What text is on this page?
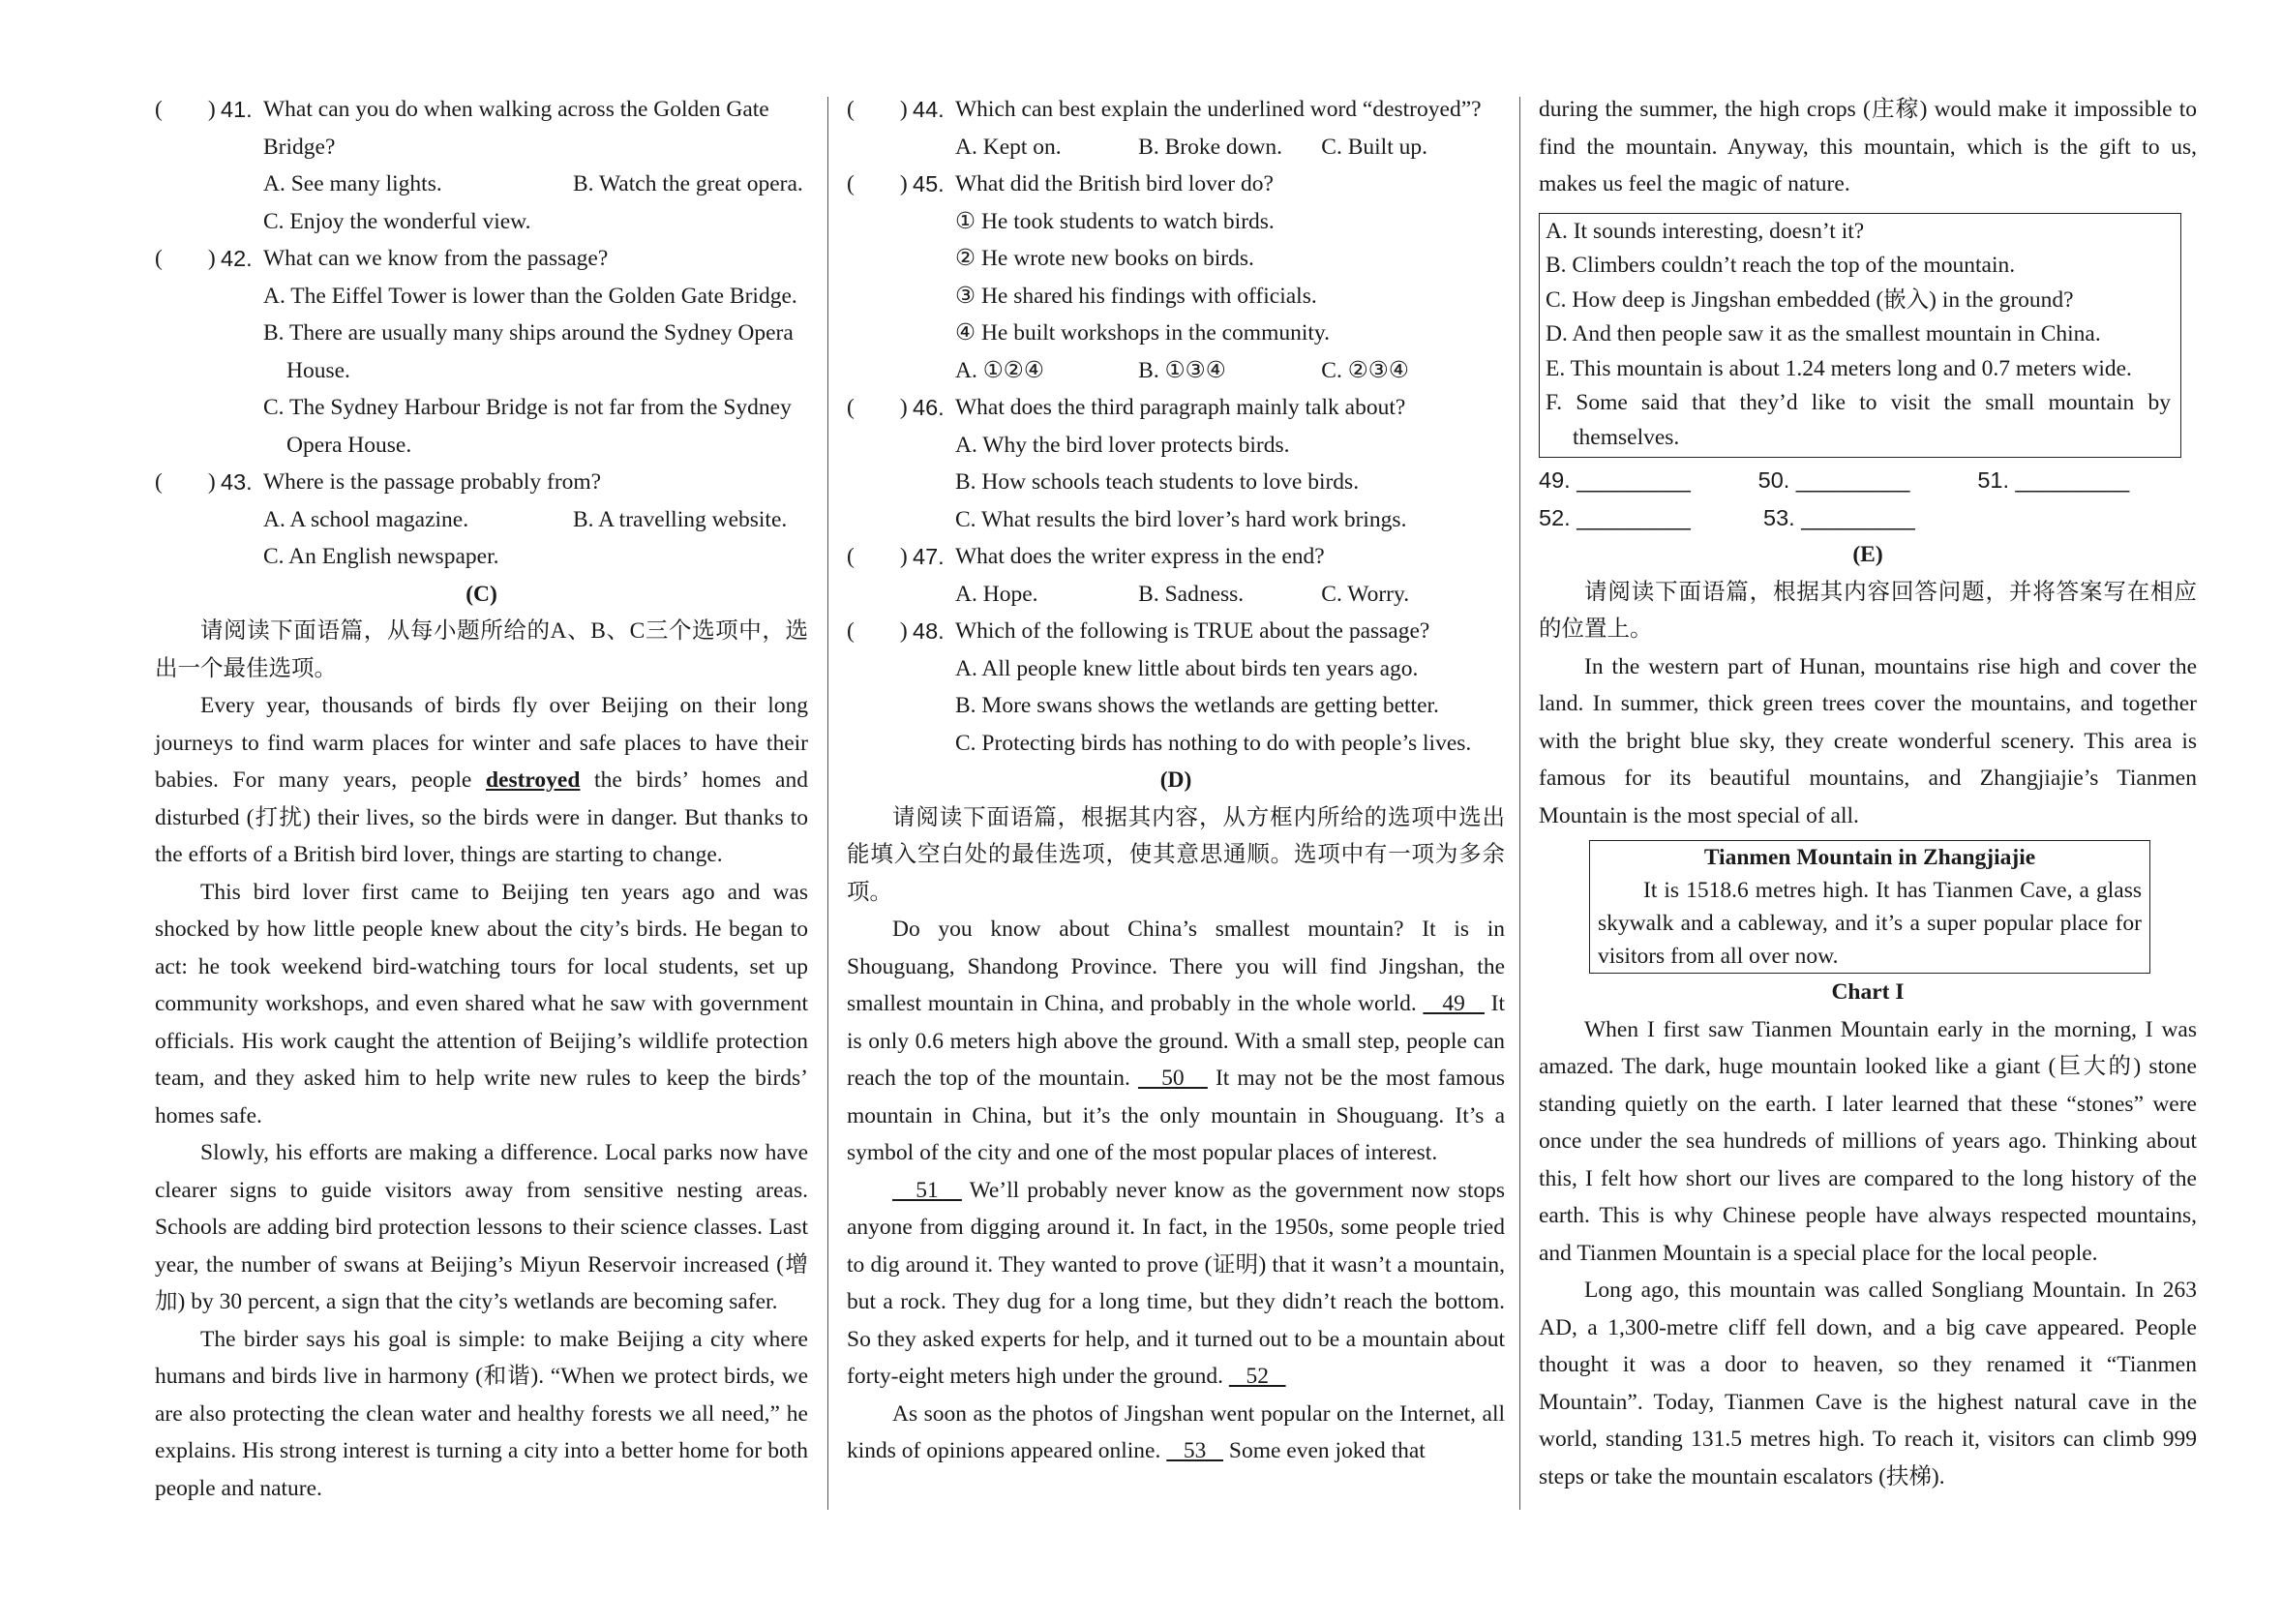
(        ) 41. What can you do when walking across the Golden Gate Bridge?
A. See many lights.	B. Watch the great opera.
C. Enjoy the wonderful view.
(        ) 42. What can we know from the passage?
A. The Eiffel Tower is lower than the Golden Gate Bridge.
B. There are usually many ships around the Sydney Opera House.
C. The Sydney Harbour Bridge is not far from the Sydney Opera House.
(        ) 43. Where is the passage probably from?
A. A school magazine.	B. A travelling website.
C. An English newspaper.
(C)

请阅读下面语篇，从每小题所给的A、B、C三个选项中，选出一个最佳选项。

Every year, thousands of birds fly over Beijing on their long journeys to find warm places for winter and safe places to have their babies. For many years, people destroyed the birds’ homes and disturbed (打扰) their lives, so the birds were in danger. But thanks to the efforts of a British bird lover, things are starting to change.

This bird lover first came to Beijing ten years ago and was shocked by how little people knew about the city’s birds. He began to act: he took weekend bird-watching tours for local students, set up community workshops, and even shared what he saw with government officials. His work caught the attention of Beijing’s wildlife protection team, and they asked him to help write new rules to keep the birds’ homes safe.

Slowly, his efforts are making a difference. Local parks now have clearer signs to guide visitors away from sensitive nesting areas. Schools are adding bird protection lessons to their science classes. Last year, the number of swans at Beijing’s Miyun Reservoir increased (增加) by 30 percent, a sign that the city’s wetlands are becoming safer.

The birder says his goal is simple: to make Beijing a city where humans and birds live in harmony (和谐). “When we protect birds, we are also protecting the clean water and healthy forests we all need,” he explains. His strong interest is turning a city into a better home for both people and nature.

(        ) 44. Which can best explain the underlined word “destroyed”?
A. Kept on.	B. Broke down.	C. Built up.
(        ) 45. What did the British bird lover do?
① He took students to watch birds.
② He wrote new books on birds.
③ He shared his findings with officials.
④ He built workshops in the community.
A. ①②④	B. ①③④	C. ②③④
(        ) 46. What does the third paragraph mainly talk about?
A. Why the bird lover protects birds.
B. How schools teach students to love birds.
C. What results the bird lover’s hard work brings.
(        ) 47. What does the writer express in the end?
A. Hope.	B. Sadness.	C. Worry.
(        ) 48. Which of the following is TRUE about the passage?
A. All people knew little about birds ten years ago.
B. More swans shows the wetlands are getting better.
C. Protecting birds has nothing to do with people’s lives.
(D)

请阅读下面语篇，根据其内容，从方框内所给的选项中选出能填入空白处的最佳选项，使其意思通顺。选项中有一项为多余项。

Do you know about China’s smallest mountain? It is in Shouguang, Shandong Province. There you will find Jingshan, the smallest mountain in China, and probably in the whole world.    49    It is only 0.6 meters high above the ground. With a small step, people can reach the top of the mountain.    50    It may not be the most famous mountain in China, but it’s the only mountain in Shouguang. It’s a symbol of the city and one of the most popular places of interest.

51    We’ll probably never know as the government now stops anyone from digging around it. In fact, in the 1950s, some people tried to dig around it. They wanted to prove (证明) that it wasn’t a mountain, but a rock. They dug for a long time, but they didn’t reach the bottom. So they asked experts for help, and it turned out to be a mountain about forty-eight meters high under the ground.    52

As soon as the photos of Jingshan went popular on the Internet, all kinds of opinions appeared online.    53    Some even joked that

during the summer, the high crops (庄稼) would make it impossible to find the mountain. Anyway, this mountain, which is the gift to us, makes us feel the magic of nature.

A. It sounds interesting, doesn’t it?
B. Climbers couldn’t reach the top of the mountain.
C. How deep is Jingshan embedded (嵌入) in the ground?
D. And then people saw it as the smallest mountain in China.
E. This mountain is about 1.24 meters long and 0.7 meters wide.
F. Some said that they’d like to visit the small mountain by themselves.
49. _________	50. _________	51. _________
52. _________	53. _________
(E)

请阅读下面语篇，根据其内容回答问题，并将答案写在相应的位置上。

In the western part of Hunan, mountains rise high and cover the land. In summer, thick green trees cover the mountains, and together with the bright blue sky, they create wonderful scenery. This area is famous for its beautiful mountains, and Zhangjiajie’s Tianmen Mountain is the most special of all.

Tianmen Mountain in Zhangjiajie

It is 1518.6 metres high. It has Tianmen Cave, a glass skywalk and a cableway, and it’s a super popular place for visitors from all over now.

Chart I

When I first saw Tianmen Mountain early in the morning, I was amazed. The dark, huge mountain looked like a giant (巨大的) stone standing quietly on the earth. I later learned that these “stones” were once under the sea hundreds of millions of years ago. Thinking about this, I felt how short our lives are compared to the long history of the earth. This is why Chinese people have always respected mountains, and Tianmen Mountain is a special place for the local people.

Long ago, this mountain was called Songliang Mountain. In 263 AD, a 1,300-metre cliff fell down, and a big cave appeared. People thought it was a door to heaven, so they renamed it “Tianmen Mountain”. Today, Tianmen Cave is the highest natural cave in the world, standing 131.5 metres high. To reach it, visitors can climb 999 steps or take the mountain escalators (扶梯).
